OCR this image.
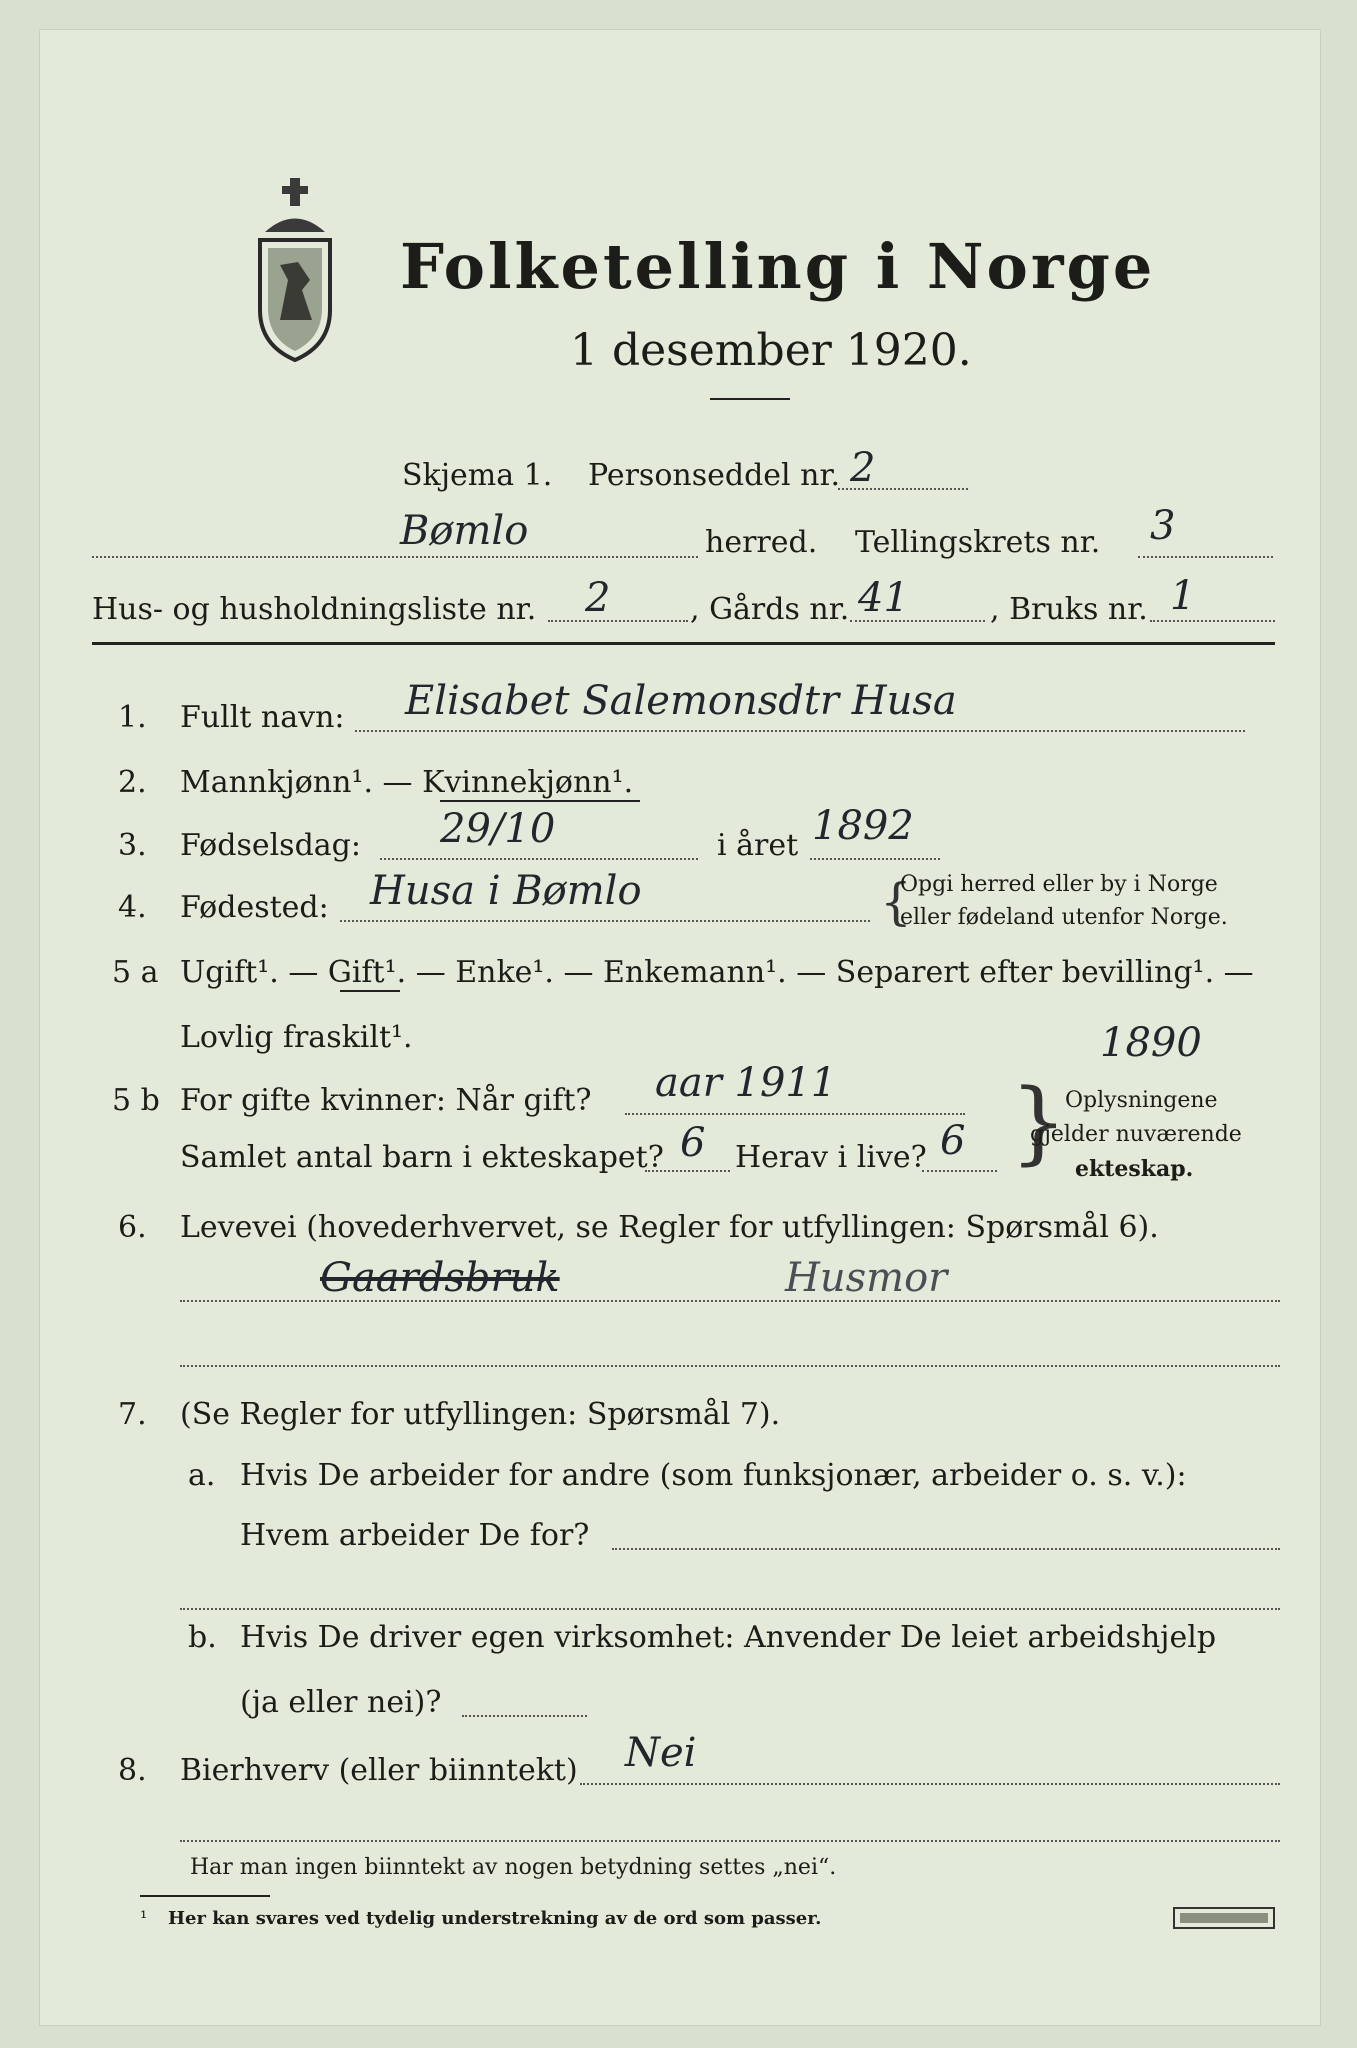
Folketelling i Norge
1 desember 1920.
Skjema 1. Personseddel nr. 2
Bømlo	herred. Tellingskrets nr. 3
Hus- og husholdningsliste nr. 2	, Gårds nr. 41	, Bruks nr. 1
1. Fullt navn: Elisabet Salemonsdtr Husa
2. Mannkjønn¹. — Kvinnekjønn¹.
3. Fødselsdag: 29/10	i året 1892
4. Fødested: Husa i Bømlo	{
Opgi herred eller by i Norge
eller fødeland utenfor Norge.
5 a Ugift¹. — Gift¹. — Enke¹. — Enkemann¹. — Separert efter bevilling¹. —
Lovlig fraskilt¹.	1890
5 b For gifte kvinner: Når gift? aar 1911 {
Oplysningene
gjelder nuværende
ekteskap.
Samlet antal barn i ekteskapet? 6 Herav i live? 6
6. Levevei (hovederhvervet, se Regler for utfyllingen: Spørsmål 6).
Gaardsbruk	Husmor
7. (Se Regler for utfyllingen: Spørsmål 7).
a. Hvis De arbeider for andre (som funksjonær, arbeider o. s. v.):
Hvem arbeider De for?
b. Hvis De driver egen virksomhet: Anvender De leiet arbeidshjelp
(ja eller nei)?
8. Bierhverv (eller biinntekt) Nei
Har man ingen biinntekt av nogen betydning settes „nei“.
¹ Her kan svares ved tydelig understrekning av de ord som passer.
